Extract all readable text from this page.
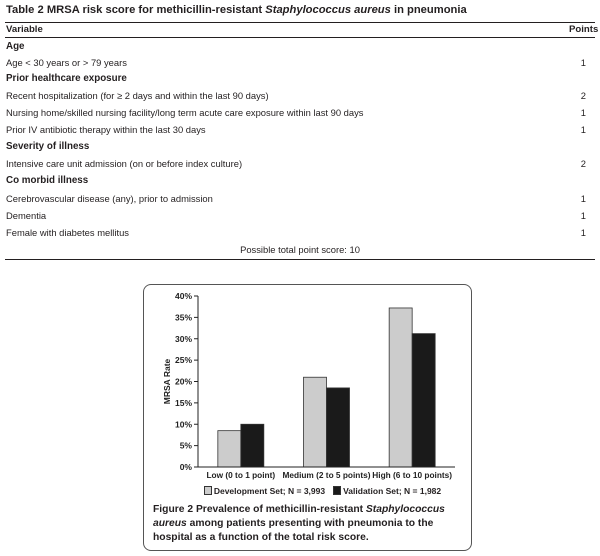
Table 2 MRSA risk score for methicillin-resistant Staphylococcus aureus in pneumonia
Variable	Points
Age
Age < 30 years or > 79 years	1
Prior healthcare exposure
Recent hospitalization (for ≥ 2 days and within the last 90 days)	2
Nursing home/skilled nursing facility/long term acute care exposure within last 90 days	1
Prior IV antibiotic therapy within the last 30 days	1
Severity of illness
Intensive care unit admission (on or before index culture)	2
Co morbid illness
Cerebrovascular disease (any), prior to admission	1
Dementia	1
Female with diabetes mellitus	1
Possible total point score: 10
0%
5%
10%
15%
20%
25%
30%
35%
40%
MRSA Rate
Low (0 to 1 point) Medium (2 to 5 points) High (6 to 10 points)
Development Set; N = 3,993	Validation Set; N = 1,982
Figure 2 Prevalence of methicillin-resistant Staphylococcus aureus among patients presenting with pneumonia to the hospital as a function of the total risk score.
